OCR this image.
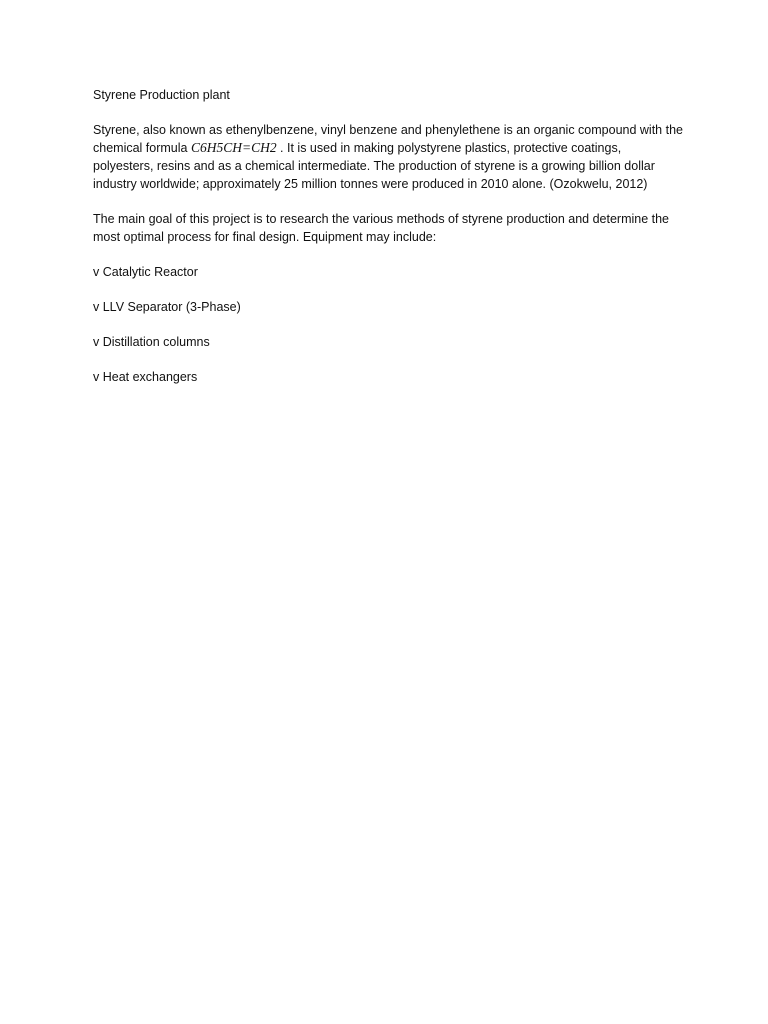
Styrene Production plant

Styrene, also known as ethenylbenzene, vinyl benzene and phenylethene is an organic compound with the chemical formula C6H5CH=CH2 . It is used in making polystyrene plastics, protective coatings, polyesters, resins and as a chemical intermediate. The production of styrene is a growing billion dollar industry worldwide; approximately 25 million tonnes were produced in 2010 alone. (Ozokwelu, 2012)

The main goal of this project is to research the various methods of styrene production and determine the most optimal process for final design. Equipment may include:

v Catalytic Reactor
v LLV Separator (3-Phase)
v Distillation columns
v Heat exchangers
